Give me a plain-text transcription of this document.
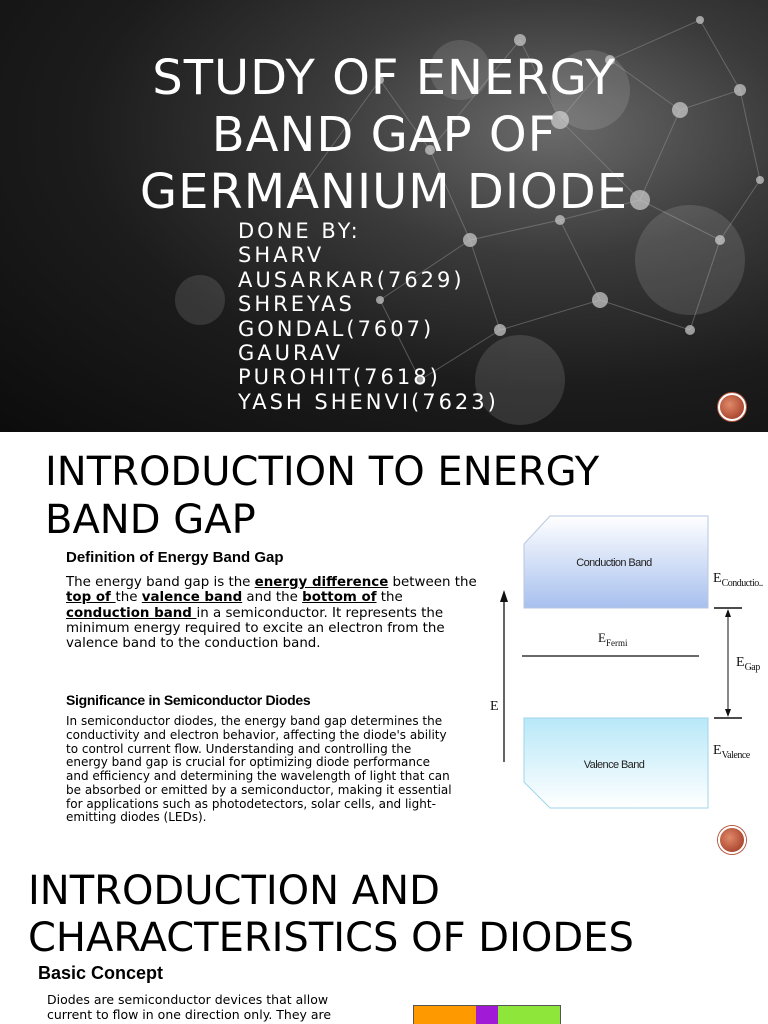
STUDY OF ENERGY
BAND GAP OF
GERMANIUM DIODE
DONE BY:
SHARV
AUSARKAR(7629)
SHREYAS
GONDAL(7607)
GAURAV
PUROHIT(7618)
YASH SHENVI(7623)
INTRODUCTION TO ENERGY
BAND GAP
Definition of Energy Band Gap
The energy band gap is the energy difference between the top of the valence band and the bottom of the conduction band in a semiconductor. It represents the minimum energy required to excite an electron from the valence band to the conduction band.
Significance in Semiconductor Diodes
In semiconductor diodes, the energy band gap determines the conductivity and electron behavior, affecting the diode's ability to control current flow. Understanding and controlling the energy band gap is crucial for optimizing diode performance and efficiency and determining the wavelength of light that can be absorbed or emitted by a semiconductor, making it essential for applications such as photodetectors, solar cells, and light-emitting diodes (LEDs).
Conduction Band
Valence Band
$E_{Fermi}$
E
$E_{Conductio..}$
$E_{Gap}$
$E_{Valence}$
INTRODUCTION AND
CHARACTERISTICS OF DIODES
Basic Concept
Diodes are semiconductor devices that allow current to flow in one direction only. They are
